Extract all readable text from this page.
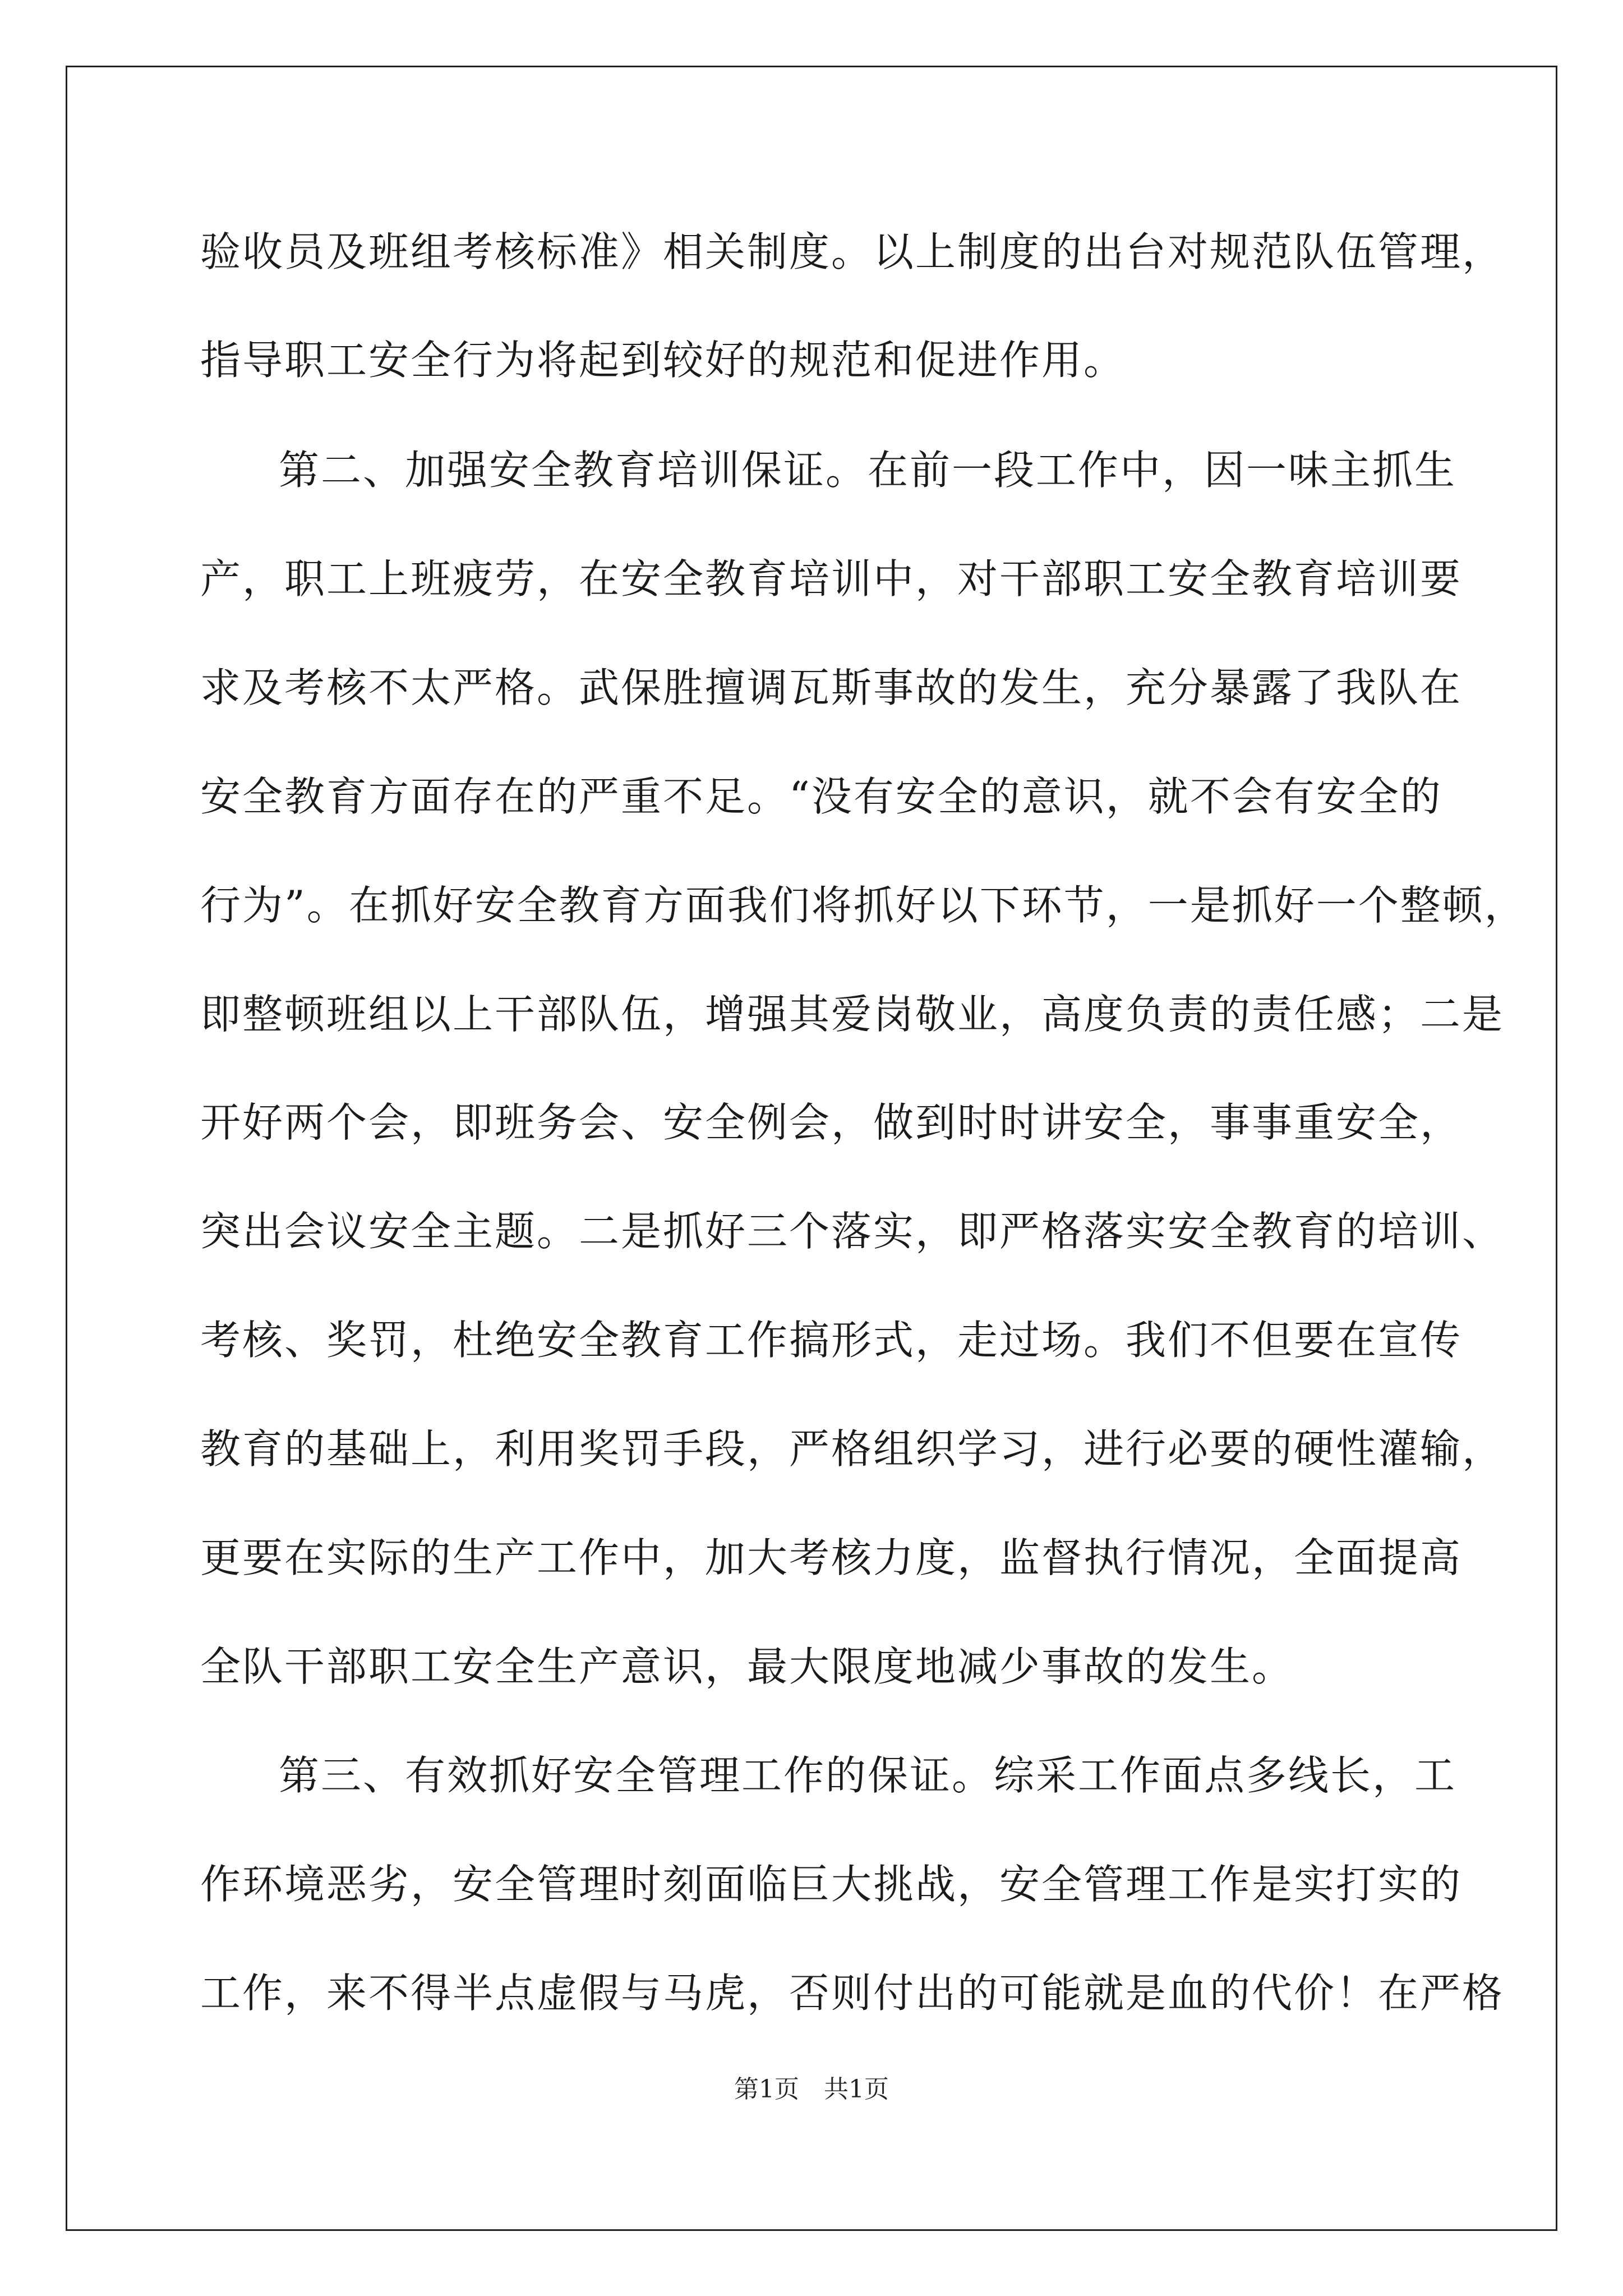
验收员及班组考核标准》相关制度。以上制度的出台对规范队伍管理，
指导职工安全行为将起到较好的规范和促进作用。
第二、加强安全教育培训保证。在前一段工作中，因一味主抓生
产，职工上班疲劳，在安全教育培训中，对干部职工安全教育培训要
求及考核不太严格。武保胜擅调瓦斯事故的发生，充分暴露了我队在
安全教育方面存在的严重不足。“没有安全的意识，就不会有安全的
行为”。在抓好安全教育方面我们将抓好以下环节，一是抓好一个整顿，
即整顿班组以上干部队伍，增强其爱岗敬业，高度负责的责任感；二是
开好两个会，即班务会、安全例会，做到时时讲安全，事事重安全，
突出会议安全主题。二是抓好三个落实，即严格落实安全教育的培训、
考核、奖罚，杜绝安全教育工作搞形式，走过场。我们不但要在宣传
教育的基础上，利用奖罚手段，严格组织学习，进行必要的硬性灌输，
更要在实际的生产工作中，加大考核力度，监督执行情况，全面提高
全队干部职工安全生产意识，最大限度地减少事故的发生。
第三、有效抓好安全管理工作的保证。综采工作面点多线长，工
作环境恶劣，安全管理时刻面临巨大挑战，安全管理工作是实打实的
工作，来不得半点虚假与马虎，否则付出的可能就是血的代价！在严格
第1页　共1页
